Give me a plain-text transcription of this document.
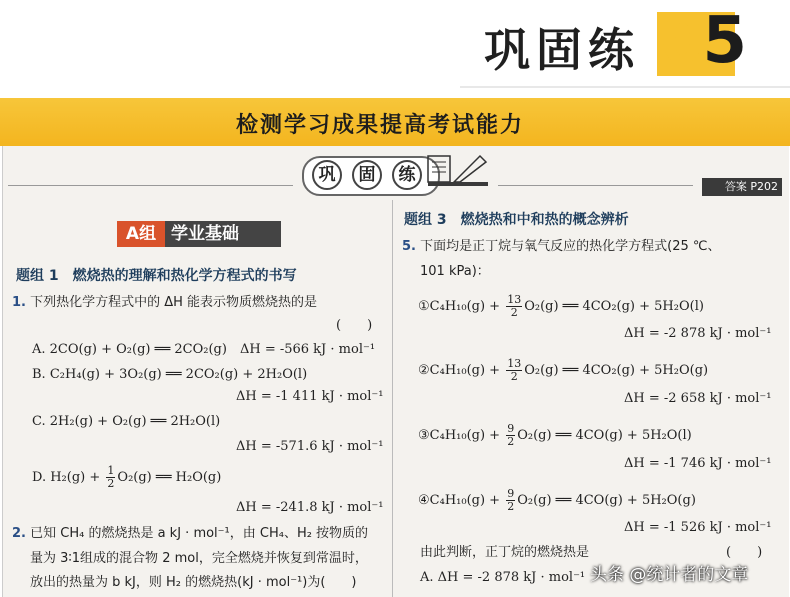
巩固练 05
检测学习成果提高考试能力
巩	固	练
答案 P202
A组 学业基础
题组 1　燃烧热的理解和热化学方程式的书写
1. 下列热化学方程式中的 ΔH 能表示物质燃烧热的是
(　　)
A. 2CO(g) + O₂(g) ══ 2CO₂(g)　ΔH = -566 kJ · mol⁻¹
B. C₂H₄(g) + 3O₂(g) ══ 2CO₂(g) + 2H₂O(l)
ΔH = -1 411 kJ · mol⁻¹
C. 2H₂(g) + O₂(g) ══ 2H₂O(l)
ΔH = -571.6 kJ · mol⁻¹
D. $H_2(g) + \frac{1}{2} O_2(g)$ ══ H₂O(g)
ΔH = -241.8 kJ · mol⁻¹
2. 已知 CH₄ 的燃烧热是 a kJ · mol⁻¹，由 CH₄、H₂ 按物质的
量为 3∶1组成的混合物 2 mol，完全燃烧并恢复到常温时，
放出的热量为 b kJ，则 H₂ 的燃烧热(kJ · mol⁻¹)为(　　)
题组 3　燃烧热和中和热的概念辨析
5. 下面均是正丁烷与氧气反应的热化学方程式(25 ℃、
101 kPa)：
①C₄H₁₀(g) + $\frac{13}{2} O_2(g)$ ══ 4CO₂(g) + 5H₂O(l)
ΔH = -2 878 kJ · mol⁻¹
②C₄H₁₀(g) + $\frac{13}{2} O_2(g)$ ══ 4CO₂(g) + 5H₂O(g)
ΔH = -2 658 kJ · mol⁻¹
③C₄H₁₀(g) + $\frac{9}{2} O_2(g)$ ══ 4CO(g) + 5H₂O(l)
ΔH = -1 746 kJ · mol⁻¹
④C₄H₁₀(g) + $\frac{9}{2} O_2(g)$ ══ 4CO(g) + 5H₂O(g)
ΔH = -1 526 kJ · mol⁻¹
由此判断，正丁烷的燃烧热是	(　　)
A. ΔH = -2 878 kJ · mol⁻¹ 头条 @统计者的文章
